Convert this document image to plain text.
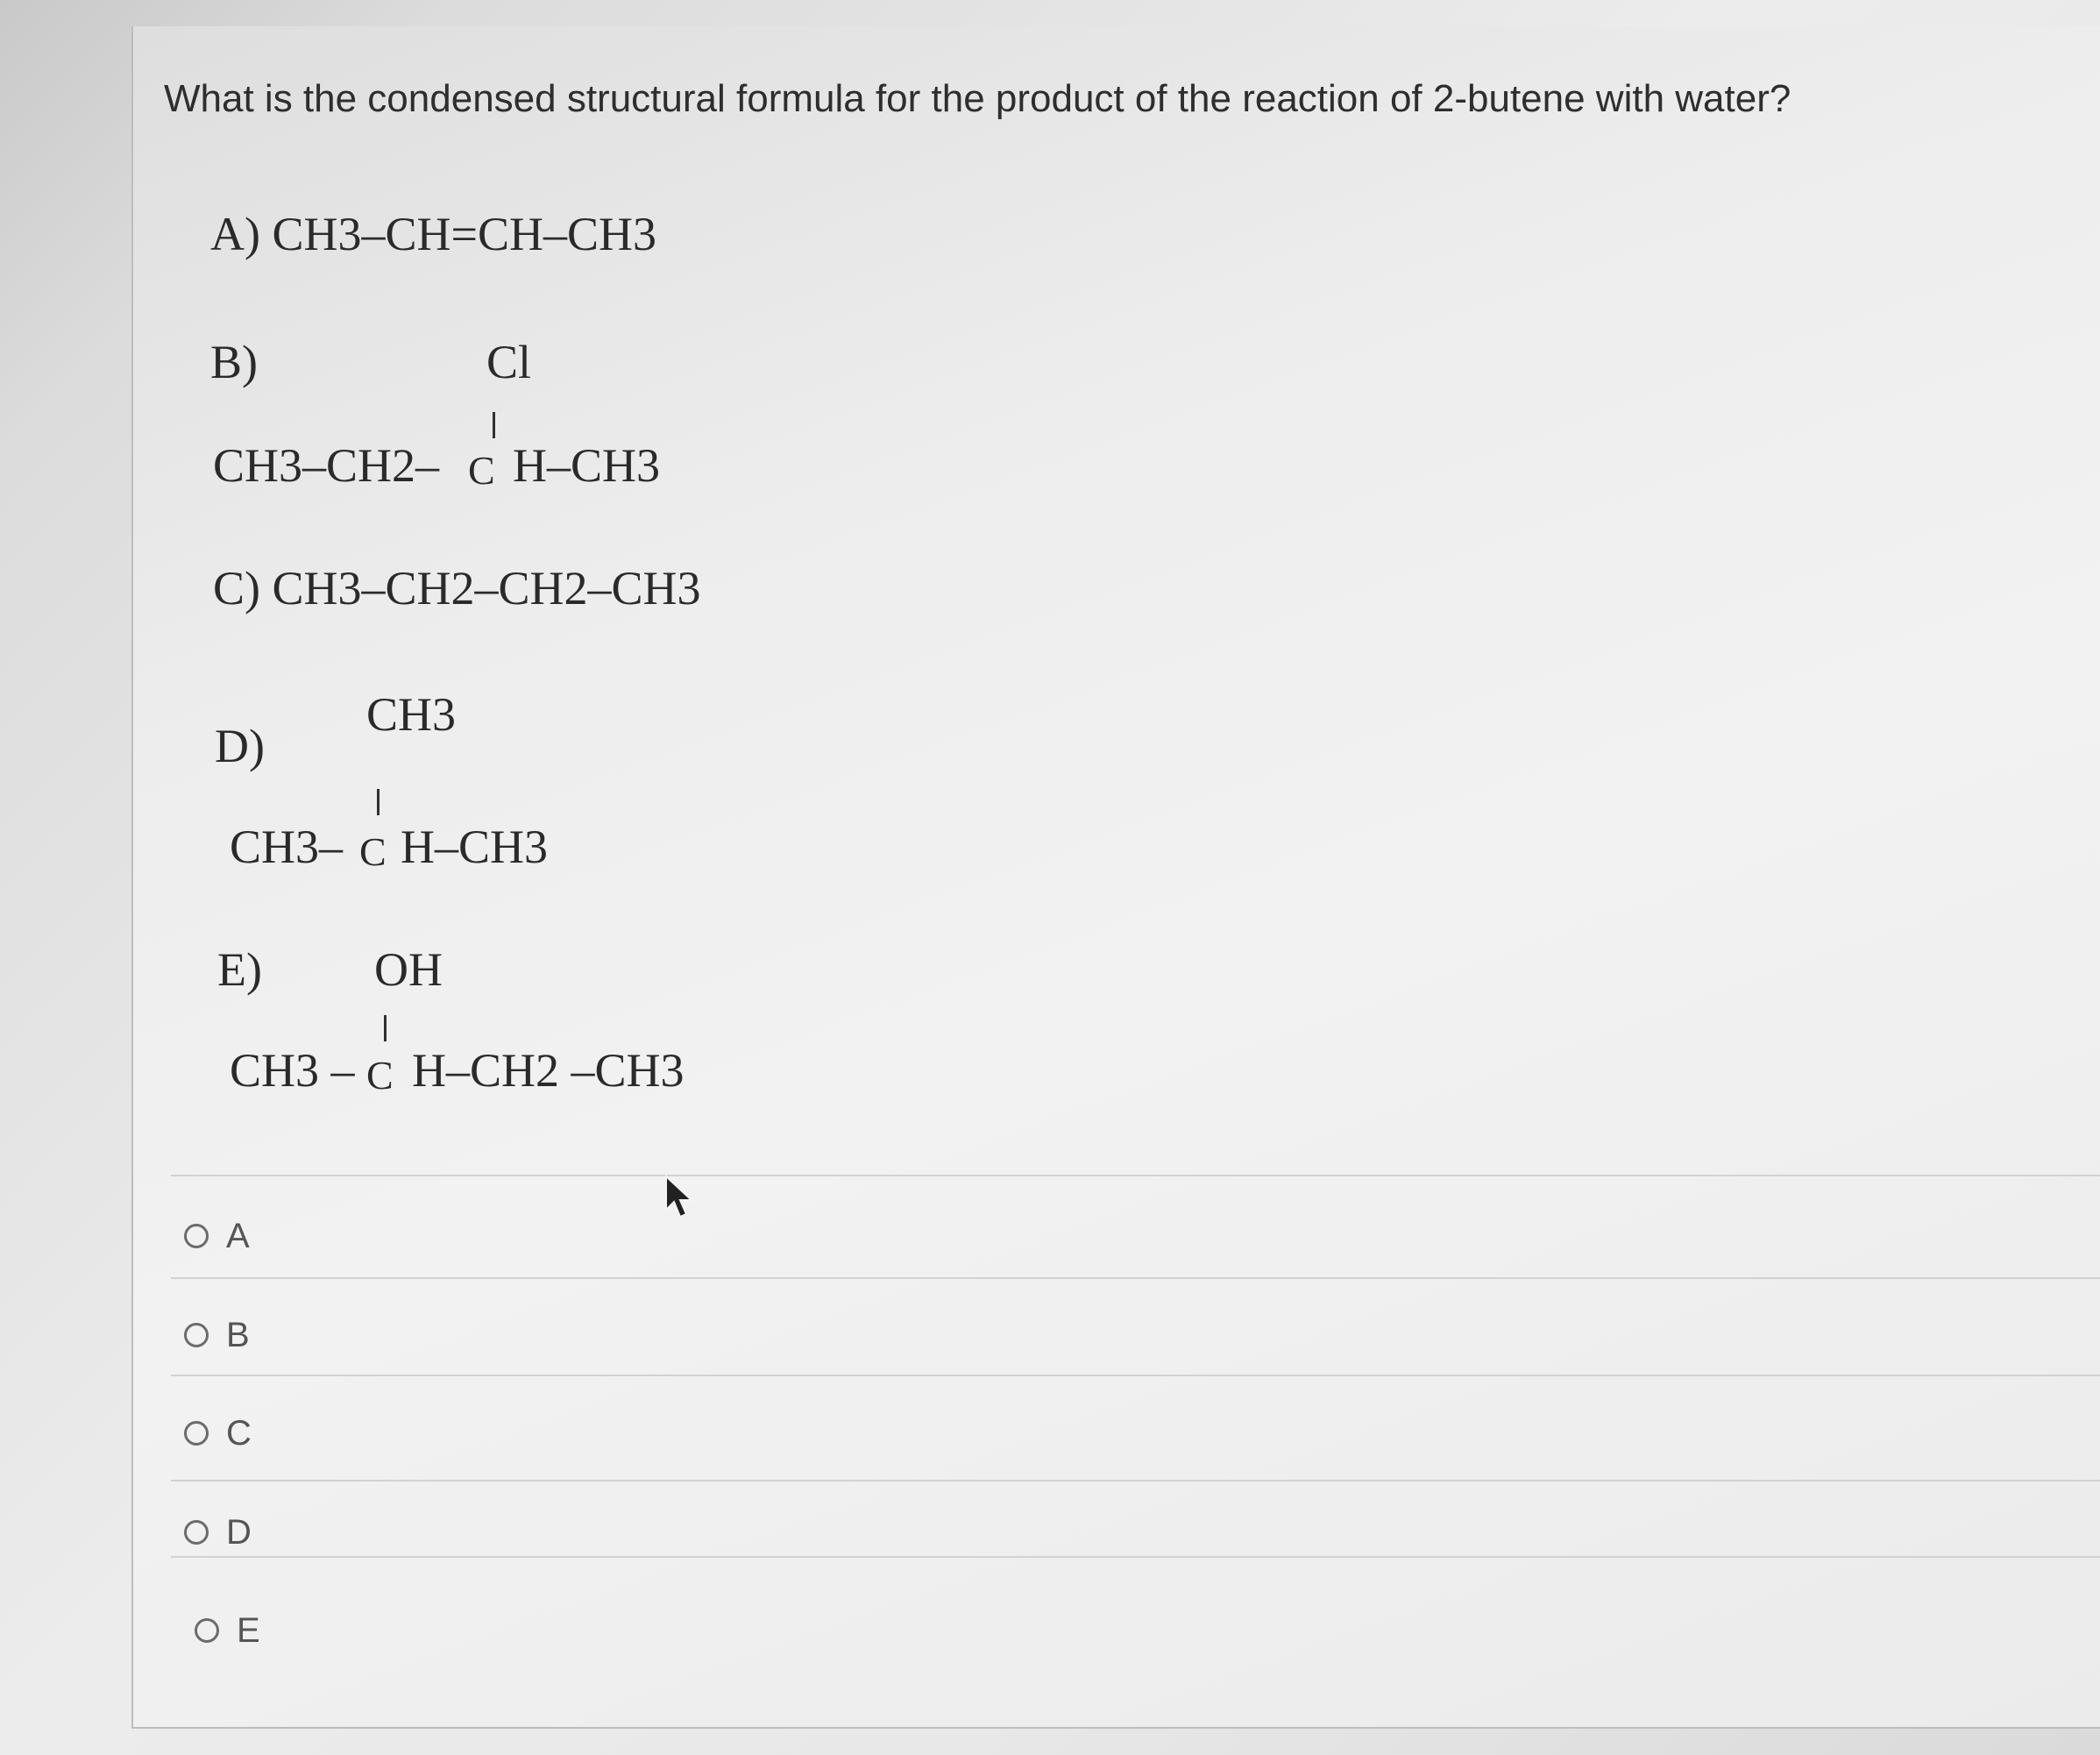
What is the condensed structural formula for the product of the reaction of 2-butene with water?
A) CH3–CH=CH–CH3
B)	Cl
CH3–CH2– C H–CH3
C) CH3–CH2–CH2–CH3
CH3
D)
CH3– C H–CH3
E) OH
CH3 – C H–CH2 –CH3
A
B
C
D
E
